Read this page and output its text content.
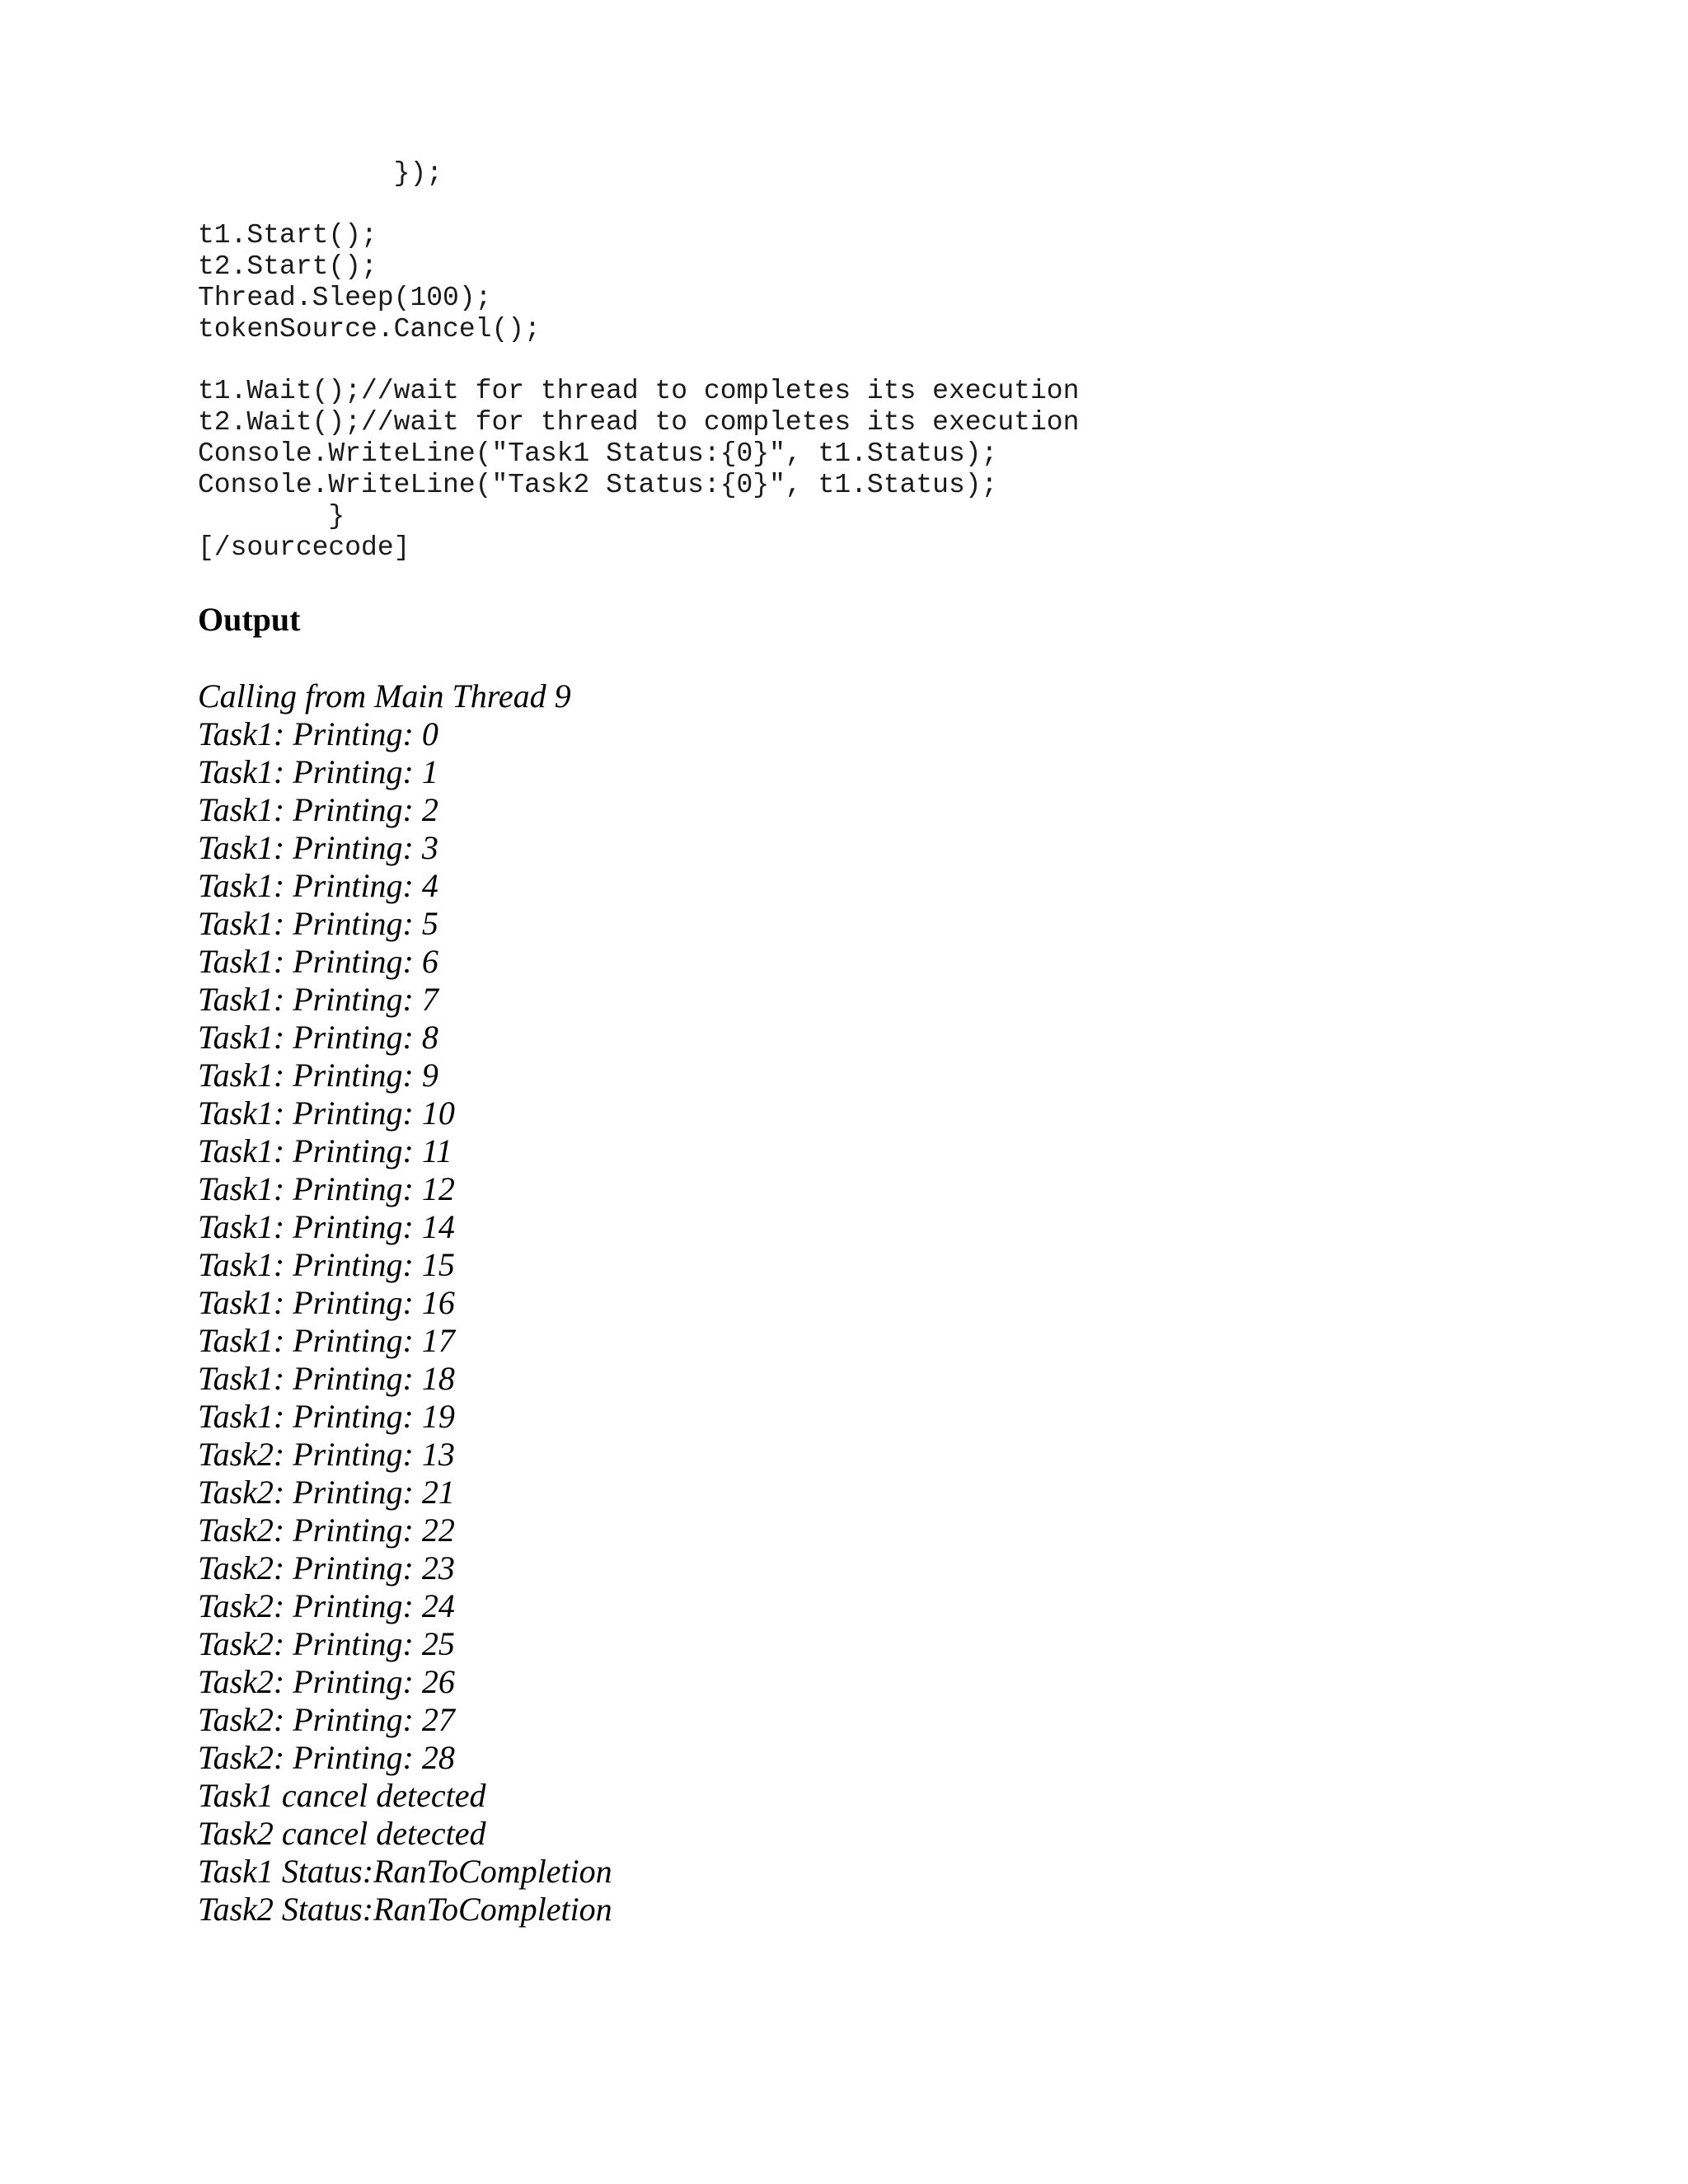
});
t1.Start();
t2.Start();
Thread.Sleep(100);
tokenSource.Cancel();
t1.Wait();//wait for thread to completes its execution
t2.Wait();//wait for thread to completes its execution
Console.WriteLine("Task1 Status:{0}", t1.Status);
Console.WriteLine("Task2 Status:{0}", t1.Status);
}
[/sourcecode]
Output
Calling from Main Thread 9
Task1: Printing: 0
Task1: Printing: 1
Task1: Printing: 2
Task1: Printing: 3
Task1: Printing: 4
Task1: Printing: 5
Task1: Printing: 6
Task1: Printing: 7
Task1: Printing: 8
Task1: Printing: 9
Task1: Printing: 10
Task1: Printing: 11
Task1: Printing: 12
Task1: Printing: 14
Task1: Printing: 15
Task1: Printing: 16
Task1: Printing: 17
Task1: Printing: 18
Task1: Printing: 19
Task2: Printing: 13
Task2: Printing: 21
Task2: Printing: 22
Task2: Printing: 23
Task2: Printing: 24
Task2: Printing: 25
Task2: Printing: 26
Task2: Printing: 27
Task2: Printing: 28
Task1 cancel detected
Task2 cancel detected
Task1 Status:RanToCompletion
Task2 Status:RanToCompletion
